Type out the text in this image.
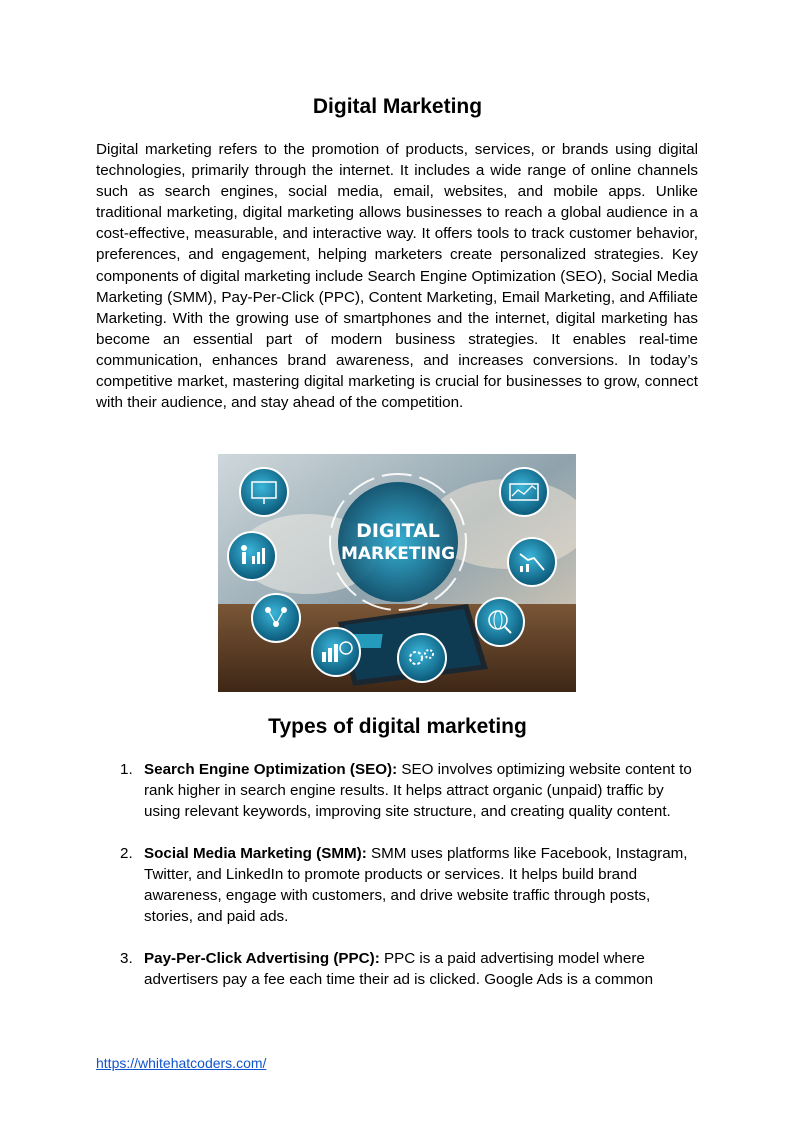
Digital Marketing

Digital marketing refers to the promotion of products, services, or brands using digital technologies, primarily through the internet. It includes a wide range of online channels such as search engines, social media, email, websites, and mobile apps. Unlike traditional marketing, digital marketing allows businesses to reach a global audience in a cost-effective, measurable, and interactive way. It offers tools to track customer behavior, preferences, and engagement, helping marketers create personalized strategies. Key components of digital marketing include Search Engine Optimization (SEO), Social Media Marketing (SMM), Pay-Per-Click (PPC), Content Marketing, Email Marketing, and Affiliate Marketing. With the growing use of smartphones and the internet, digital marketing has become an essential part of modern business strategies. It enables real-time communication, enhances brand awareness, and increases conversions. In today’s competitive market, mastering digital marketing is crucial for businesses to grow, connect with their audience, and stay ahead of the competition.

DIGITAL
MARKETING
Types of digital marketing
1. Search Engine Optimization (SEO): SEO involves optimizing website content to rank higher in search engine results. It helps attract organic (unpaid) traffic by using relevant keywords, improving site structure, and creating quality content.
2. Social Media Marketing (SMM): SMM uses platforms like Facebook, Instagram, Twitter, and LinkedIn to promote products or services. It helps build brand awareness, engage with customers, and drive website traffic through posts, stories, and paid ads.
3. Pay-Per-Click Advertising (PPC): PPC is a paid advertising model where advertisers pay a fee each time their ad is clicked. Google Ads is a common
https://whitehatcoders.com/
